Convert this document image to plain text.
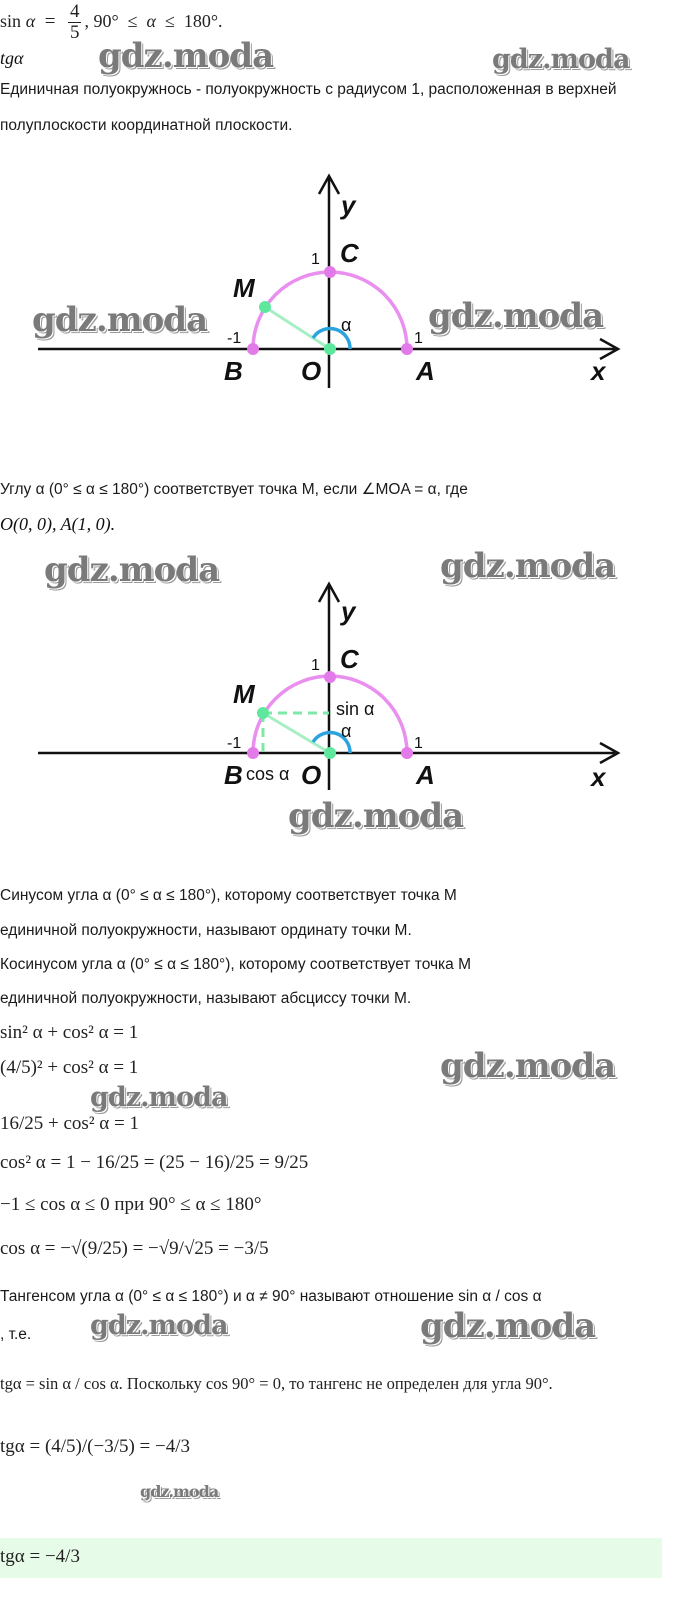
$\sin \alpha = \frac{4}{5}$ , 90°  ≤  α  ≤  180°.
tgα gdz.moda	gdz.moda
Единичная полуокружнось - полуокружность с радиусом 1, расположенная в верхней полуплоскости координатной плоскости.
y
x
C
M
B O	A
1
-1	1
α
gdz.moda	gdz.moda
Углу α (0° ≤ α ≤ 180°) соответствует точка M, если ∠MOA = α, где
O(0, 0), A(1, 0).
gdz.moda	gdz.moda
y
x
C
M
B O	A
1
-1	1
α
sin α
cos α
gdz.moda
Синусом угла α (0° ≤ α ≤ 180°), которому соответствует точка M
единичной полуокружности, называют ординату точки M.
Косинусом угла α (0° ≤ α ≤ 180°), которому соответствует точка M
единичной полуокружности, называют абсциссу точки M.
sin² α + cos² α = 1
gdz.moda
(4/5)² + cos² α = 1
gdz.moda
16/25 + cos² α = 1
cos² α = 1 − 16/25 = (25 − 16)/25 = 9/25
−1 ≤ cos α ≤ 0 при 90° ≤ α ≤ 180°
cos α = −√(9/25) = −√9/√25 = −3/5
Тангенсом угла α (0° ≤ α ≤ 180°) и α ≠ 90° называют отношение sin α / cos α
, т.е. gdz.moda	gdz.moda
tgα = sin α / cos α. Поскольку cos 90° = 0, то тангенс не определен для угла 90°.
tgα = (4/5)/(−3/5) = −4/3
gdz.moda
tgα = −4/3
